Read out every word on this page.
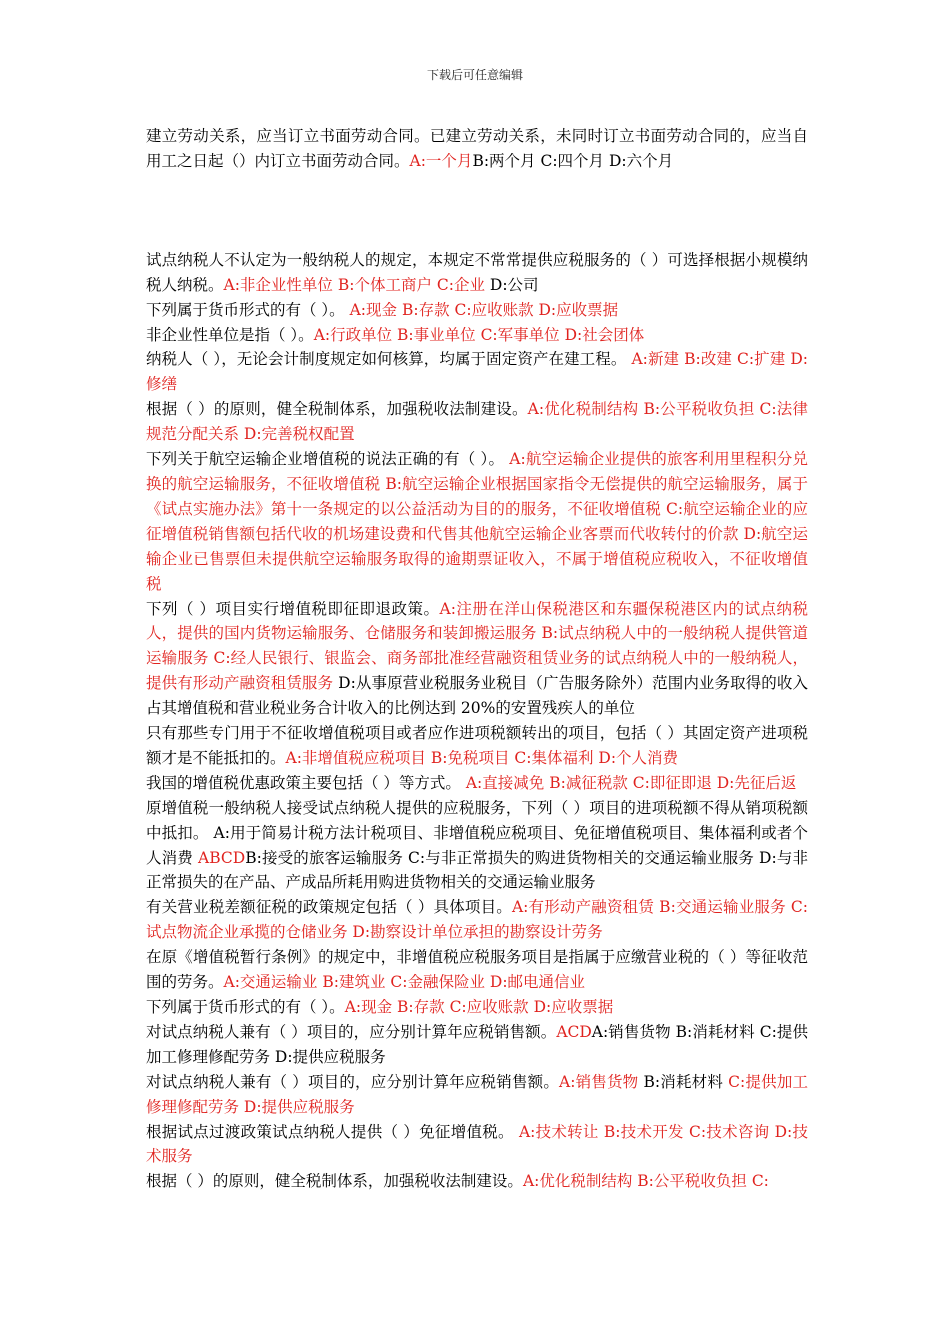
下载后可任意编辑

建立劳动关系，应当订立书面劳动合同。已建立劳动关系，未同时订立书面劳动合同的，应当自用工之日起（）内订立书面劳动合同。A:一个月B:两个月 C:四个月 D:六个月

试点纳税人不认定为一般纳税人的规定，本规定不常常提供应税服务的（ ）可选择根据小规模纳税人纳税。A:非企业性单位 B:个体工商户 C:企业 D:公司

下列属于货币形式的有（ ）。 A:现金 B:存款 C:应收账款 D:应收票据

非企业性单位是指（ ）。A:行政单位 B:事业单位 C:军事单位 D:社会团体

纳税人（ ），无论会计制度规定如何核算，均属于固定资产在建工程。 A:新建 B:改建 C:扩建 D:修缮

根据（ ）的原则，健全税制体系，加强税收法制建设。A:优化税制结构 B:公平税收负担 C:法律规范分配关系 D:完善税权配置

下列关于航空运输企业增值税的说法正确的有（ ）。 A:航空运输企业提供的旅客利用里程积分兑换的航空运输服务，不征收增值税 B:航空运输企业根据国家指令无偿提供的航空运输服务，属于《试点实施办法》第十一条规定的以公益活动为目的的服务，不征收增值税 C:航空运输企业的应征增值税销售额包括代收的机场建设费和代售其他航空运输企业客票而代收转付的价款 D:航空运输企业已售票但未提供航空运输服务取得的逾期票证收入，不属于增值税应税收入，不征收增值税

下列（ ）项目实行增值税即征即退政策。A:注册在洋山保税港区和东疆保税港区内的试点纳税人，提供的国内货物运输服务、仓储服务和装卸搬运服务 B:试点纳税人中的一般纳税人提供管道运输服务 C:经人民银行、银监会、商务部批准经营融资租赁业务的试点纳税人中的一般纳税人，提供有形动产融资租赁服务 D:从事原营业税服务业税目（广告服务除外）范围内业务取得的收入占其增值税和营业税业务合计收入的比例达到 20%的安置残疾人的单位

只有那些专门用于不征收增值税项目或者应作进项税额转出的项目，包括（ ）其固定资产进项税额才是不能抵扣的。A:非增值税应税项目 B:免税项目 C:集体福利 D:个人消费

我国的增值税优惠政策主要包括（ ）等方式。 A:直接减免 B:减征税款 C:即征即退 D:先征后返

原增值税一般纳税人接受试点纳税人提供的应税服务，下列（ ）项目的进项税额不得从销项税额中抵扣。 A:用于简易计税方法计税项目、非增值税应税项目、免征增值税项目、集体福利或者个人消费 ABCDB:接受的旅客运输服务 C:与非正常损失的购进货物相关的交通运输业服务 D:与非正常损失的在产品、产成品所耗用购进货物相关的交通运输业服务

有关营业税差额征税的政策规定包括（ ）具体项目。A:有形动产融资租赁 B:交通运输业服务 C:试点物流企业承揽的仓储业务 D:勘察设计单位承担的勘察设计劳务

在原《增值税暂行条例》的规定中，非增值税应税服务项目是指属于应缴营业税的（ ）等征收范围的劳务。A:交通运输业 B:建筑业 C:金融保险业 D:邮电通信业

下列属于货币形式的有（ ）。A:现金 B:存款 C:应收账款 D:应收票据

对试点纳税人兼有（ ）项目的，应分别计算年应税销售额。ACDA:销售货物 B:消耗材料 C:提供加工修理修配劳务 D:提供应税服务

对试点纳税人兼有（ ）项目的，应分别计算年应税销售额。A:销售货物 B:消耗材料 C:提供加工修理修配劳务 D:提供应税服务

根据试点过渡政策试点纳税人提供（ ）免征增值税。 A:技术转让 B:技术开发 C:技术咨询 D:技术服务

根据（ ）的原则，健全税制体系，加强税收法制建设。A:优化税制结构 B:公平税收负担 C:
